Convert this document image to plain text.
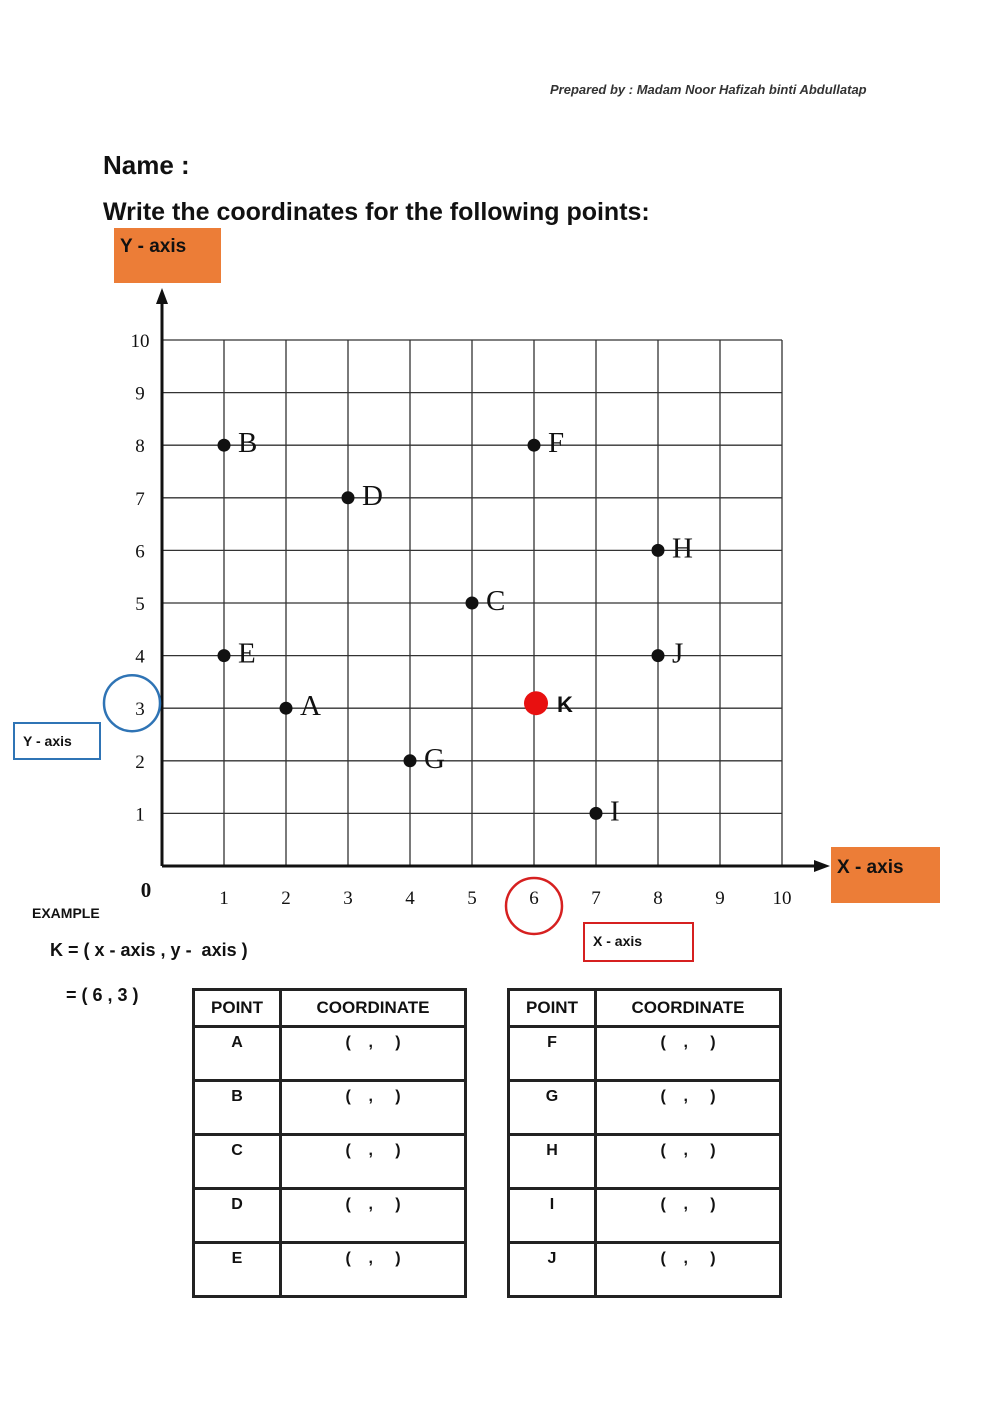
Prepared by : Madam Noor Hafizah binti Abdullatap
Name :
Write the coordinates for the following points:
1	2	3	4	5	6	7	8	9	10
1
2
3
4
5
6
7
8
9
10
0
A
B
C
D
E
F
G
H
I
J
K
Y - axis
X - axis
Y - axis
X - axis
EXAMPLE
K = ( x - axis , y -  axis )
= ( 6 , 3 )
POINT	COORDINATE
A	(    ,     )
B	(    ,     )
C	(    ,     )
D	(    ,     )
E	(    ,     )
POINT	COORDINATE
F	(    ,     )
G	(    ,     )
H	(    ,     )
I	(    ,     )
J	(    ,     )
